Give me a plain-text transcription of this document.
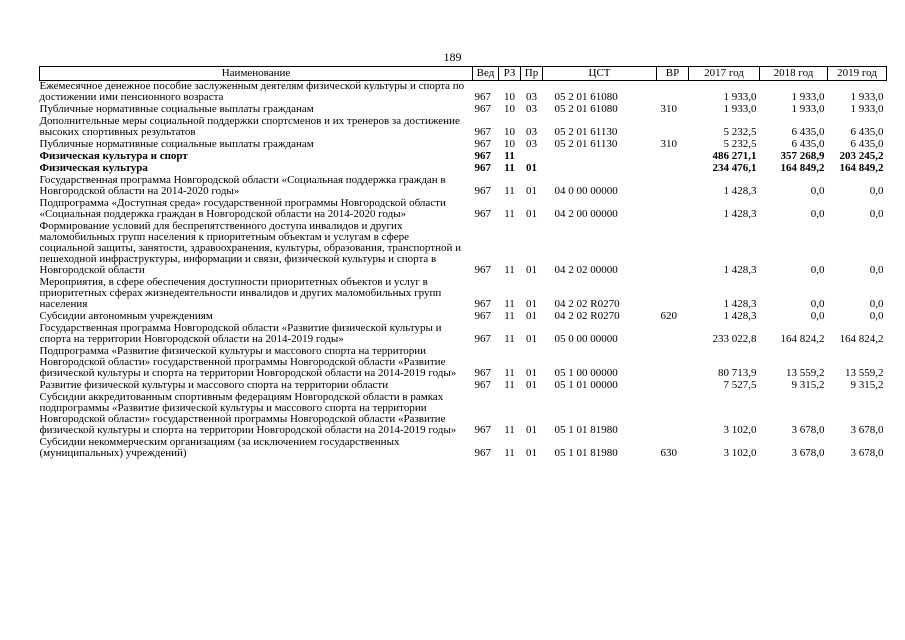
189
Наименование	Вед	РЗ	Пр	ЦСТ	ВР	2017 год	2018 год	2019 год
Ежемесячное денежное пособие заслуженным деятелям физической культуры и спорта по достижении ими пенсионного возраста	967	10	03	05 2 01 61080		1 933,0	1 933,0	1 933,0
Публичные нормативные социальные выплаты гражданам	967	10	03	05 2 01 61080	310	1 933,0	1 933,0	1 933,0
Дополнительные меры социальной поддержки спортсменов и их тренеров за достижение высоких спортивных результатов	967	10	03	05 2 01 61130		5 232,5	6 435,0	6 435,0
Публичные нормативные социальные выплаты гражданам	967	10	03	05 2 01 61130	310	5 232,5	6 435,0	6 435,0
Физическая культура и спорт	967	11				486 271,1	357 268,9	203 245,2
Физическая культура	967	11	01			234 476,1	164 849,2	164 849,2
Государственная программа Новгородской области «Социальная поддержка граждан в Новгородской области на 2014-2020 годы»	967	11	01	04 0 00 00000		1 428,3	0,0	0,0
Подпрограмма «Доступная среда» государственной программы Новгородской области «Социальная поддержка граждан в Новгородской области на 2014-2020 годы»	967	11	01	04 2 00 00000		1 428,3	0,0	0,0
Формирование условий для беспрепятственного доступа инвалидов и других маломобильных групп населения к приоритетным объектам и услугам в сфере социальной защиты, занятости, здравоохранения, культуры, образования, транспортной и пешеходной инфраструктуры, информации и связи, физической культуры и спорта в Новгородской области	967	11	01	04 2 02 00000		1 428,3	0,0	0,0
Мероприятия, в сфере обеспечения доступности приоритетных объектов и услуг в приоритетных сферах жизнедеятельности инвалидов и других маломобильных групп населения	967	11	01	04 2 02 R0270		1 428,3	0,0	0,0
Субсидии автономным учреждениям	967	11	01	04 2 02 R0270	620	1 428,3	0,0	0,0
Государственная программа Новгородской области «Развитие физической культуры и спорта на территории Новгородской области на 2014-2019 годы»	967	11	01	05 0 00 00000		233 022,8	164 824,2	164 824,2
Подпрограмма «Развитие физической культуры и массового спорта на территории Новгородской области» государственной программы Новгородской области «Развитие физической культуры и спорта на территории Новгородской области на 2014-2019 годы»	967	11	01	05 1 00 00000		80 713,9	13 559,2	13 559,2
Развитие физической культуры и массового спорта на территории области	967	11	01	05 1 01 00000		7 527,5	9 315,2	9 315,2
Субсидии аккредитованным спортивным федерациям Новгородской области в рамках подпрограммы «Развитие физической культуры и массового спорта на территории Новгородской области» государственной программы Новгородской области «Развитие физической культуры и спорта на территории Новгородской области на 2014-2019 годы»	967	11	01	05 1 01 81980		3 102,0	3 678,0	3 678,0
Субсидии некоммерческим организациям (за исключением государственных (муниципальных) учреждений)	967	11	01	05 1 01 81980	630	3 102,0	3 678,0	3 678,0
